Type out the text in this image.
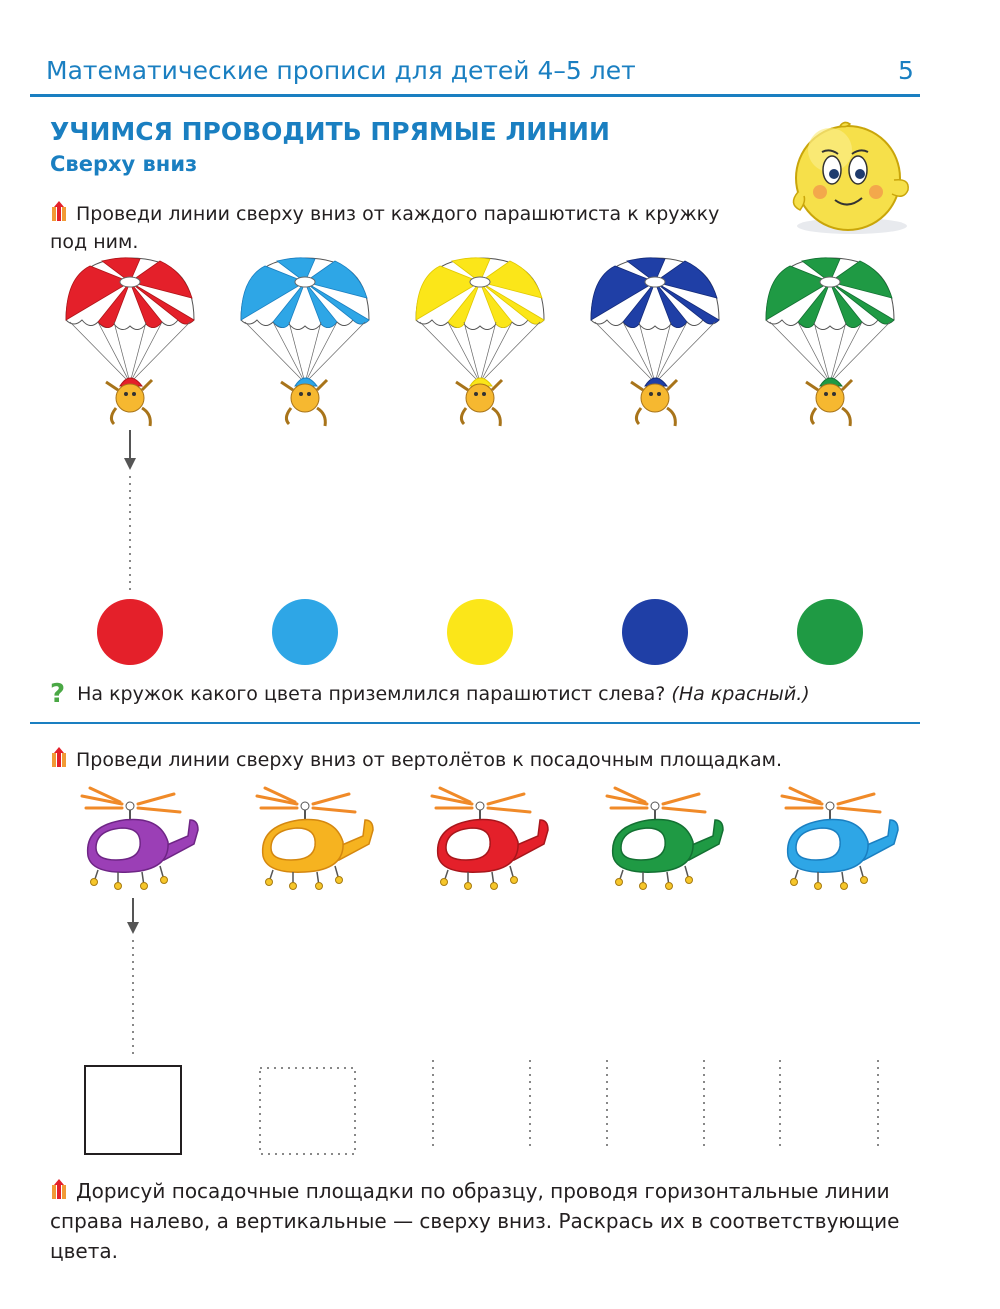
Математические прописи для детей 4–5 лет	5
УЧИМСЯ ПРОВОДИТЬ ПРЯМЫЕ ЛИНИИ
Сверху вниз
Проведи линии сверху вниз от каждого парашютиста к кружку под ним.
? На кружок какого цвета приземлился парашютист слева? (На красный.)
Проведи линии сверху вниз от вертолётов к посадочным площадкам.
Дорисуй посадочные площадки по образцу, проводя горизонтальные линии справа налево, а вертикальные — сверху вниз. Раскрась их в соответствующие цвета.
